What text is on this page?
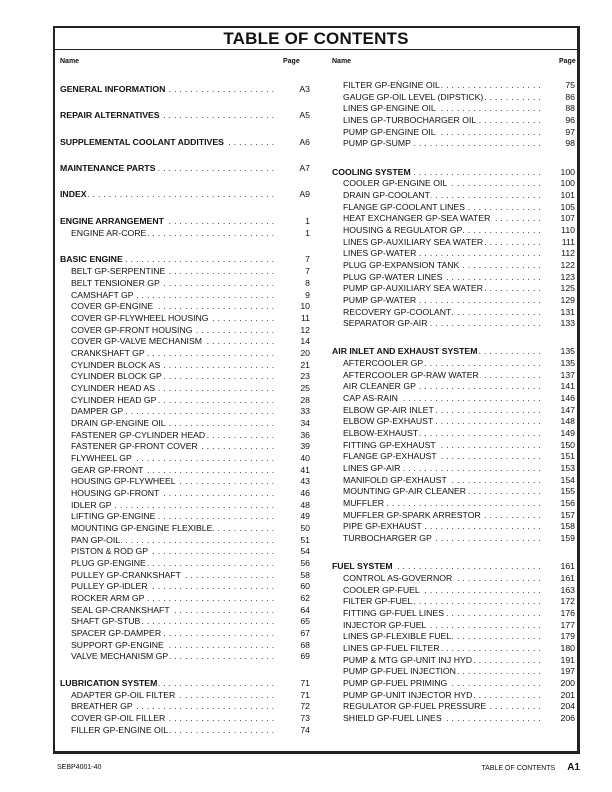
TABLE OF CONTENTS
Name	Page	Name	Page
GENERAL INFORMATION . . .	A3
REPAIR ALTERNATIVES . . .	A5
SUPPLEMENTAL COOLANT ADDITIVES . . .	A6
MAINTENANCE PARTS . . .	A7
INDEX . . .	A9
ENGINE ARRANGEMENT . . .	1
ENGINE AR-CORE . . .	1
BASIC ENGINE . . .	7
BELT GP-SERPENTINE . . .	7
BELT TENSIONER GP . . .	8
CAMSHAFT GP . . .	9
COVER GP-ENGINE . . .	10
COVER GP-FLYWHEEL HOUSING . . .	11
COVER GP-FRONT HOUSING . . .	12
COVER GP-VALVE MECHANISM . . .	14
CRANKSHAFT GP . . .	20
CYLINDER BLOCK AS . . .	21
CYLINDER BLOCK GP . . .	23
CYLINDER HEAD AS . . .	25
CYLINDER HEAD GP . . .	28
DAMPER GP . . .	33
DRAIN GP-ENGINE OIL . . .	34
FASTENER GP-CYLINDER HEAD . . .	36
FASTENER GP-FRONT COVER . . .	39
FLYWHEEL GP . . .	40
GEAR GP-FRONT . . .	41
HOUSING GP-FLYWHEEL . . .	43
HOUSING GP-FRONT . . .	46
IDLER GP . . .	48
LIFTING GP-ENGINE . . .	49
MOUNTING GP-ENGINE FLEXIBLE . . .	50
PAN GP-OIL . . .	51
PISTON & ROD GP . . .	54
PLUG GP-ENGINE . . .	56
PULLEY GP-CRANKSHAFT . . .	58
PULLEY GP-IDLER . . .	60
ROCKER ARM GP . . .	62
SEAL GP-CRANKSHAFT . . .	64
SHAFT GP-STUB . . .	65
SPACER GP-DAMPER . . .	67
SUPPORT GP-ENGINE . . .	68
VALVE MECHANISM GP . . .	69
LUBRICATION SYSTEM . . .	71
ADAPTER GP-OIL FILTER . . .	71
BREATHER GP . . .	72
COVER GP-OIL FILLER . . .	73
FILLER GP-ENGINE OIL . . .	74
FILTER GP-ENGINE OIL . . .	75
GAUGE GP-OIL LEVEL (DIPSTICK) . . .	86
LINES GP-ENGINE OIL . . .	88
LINES GP-TURBOCHARGER OIL . . .	96
PUMP GP-ENGINE OIL . . .	97
PUMP GP-SUMP . . .	98
COOLING SYSTEM . . .	100
COOLER GP-ENGINE OIL . . .	100
DRAIN GP-COOLANT . . .	101
FLANGE GP-COOLANT LINES . . .	105
HEAT EXCHANGER GP-SEA WATER . . .	107
HOUSING & REGULATOR GP . . .	110
LINES GP-AUXILIARY SEA WATER . . .	111
LINES GP-WATER . . .	112
PLUG GP-EXPANSION TANK . . .	122
PLUG GP-WATER LINES . . .	123
PUMP GP-AUXILIARY SEA WATER . . .	125
PUMP GP-WATER . . .	129
RECOVERY GP-COOLANT . . .	131
SEPARATOR GP-AIR . . .	133
AIR INLET AND EXHAUST SYSTEM . . .	135
AFTERCOOLER GP . . .	135
AFTERCOOLER GP-RAW WATER . . .	137
AIR CLEANER GP . . .	141
CAP AS-RAIN . . .	146
ELBOW GP-AIR INLET . . .	147
ELBOW GP-EXHAUST . . .	148
ELBOW-EXHAUST . . .	149
FITTING GP-EXHAUST . . .	150
FLANGE GP-EXHAUST . . .	151
LINES GP-AIR . . .	153
MANIFOLD GP-EXHAUST . . .	154
MOUNTING GP-AIR CLEANER . . .	155
MUFFLER . . .	156
MUFFLER GP-SPARK ARRESTOR . . .	157
PIPE GP-EXHAUST . . .	158
TURBOCHARGER GP . . .	159
FUEL SYSTEM . . .	161
CONTROL AS-GOVERNOR . . .	161
COOLER GP-FUEL . . .	163
FILTER GP-FUEL . . .	172
FITTING GP-FUEL LINES . . .	176
INJECTOR GP-FUEL . . .	177
LINES GP-FLEXIBLE FUEL . . .	179
LINES GP-FUEL FILTER . . .	180
PUMP & MTG GP-UNIT INJ HYD . . .	191
PUMP GP-FUEL INJECTION . . .	197
PUMP GP-FUEL PRIMING . . .	200
PUMP GP-UNIT INJECTOR HYD . . .	201
REGULATOR GP-FUEL PRESSURE . . .	204
SHIELD GP-FUEL LINES . . .	206
SEBP4001-40	TABLE OF CONTENTS A1
